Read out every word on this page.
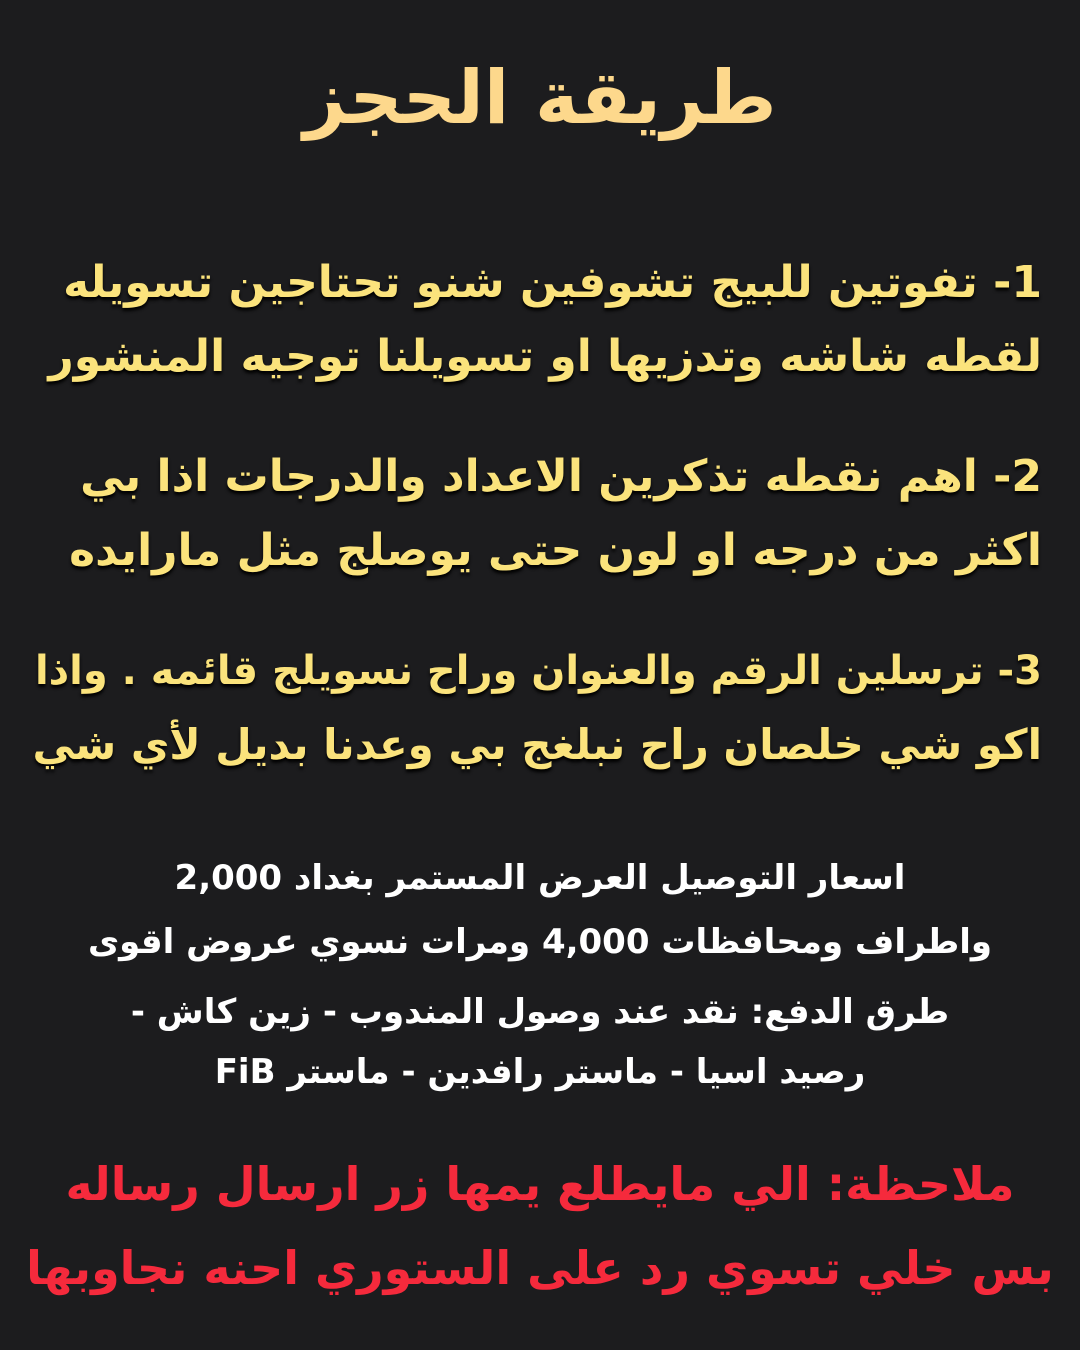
طريقة الحجز

1- تفوتين للبيج تشوفين شنو تحتاجين تسويله
لقطه شاشه وتدزيها او تسويلنا توجيه المنشور

2- اهم نقطه تذكرين الاعداد والدرجات اذا بي
اكثر من درجه او لون حتى يوصلج مثل مارايده

3- ترسلين الرقم والعنوان وراح نسويلج قائمه . واذا
اكو شي خلصان راح نبلغج بي وعدنا بديل لأي شي

اسعار التوصيل العرض المستمر بغداد 2,000
واطراف ومحافظات 4,000 ومرات نسوي عروض اقوى

طرق الدفع: نقد عند وصول المندوب - زين كاش -
رصيد اسيا - ماستر رافدين - ماستر FiB

ملاحظة: الي مايطلع يمها زر ارسال رساله
بس خلي تسوي رد على الستوري احنه نجاوبها
